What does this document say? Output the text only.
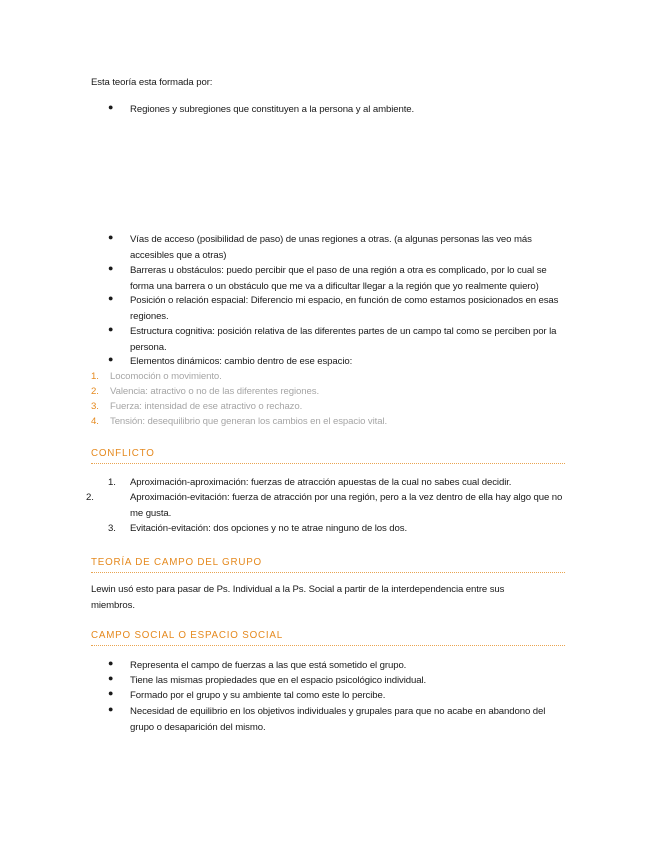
Esta teoría esta formada por:
●	Regiones y subregiones que constituyen a la persona y al ambiente.
●	Vías de acceso (posibilidad de paso) de unas regiones a otras. (a algunas personas las veo más accesibles que a otras)
●	Barreras u obstáculos: puedo percibir que el paso de una región a otra es complicado, por lo cual se forma una barrera o un obstáculo que me va a dificultar llegar a la región que yo realmente quiero)
●	Posición o relación espacial: Diferencio mi espacio, en función de como estamos posicionados en esas regiones.
●	Estructura cognitiva: posición relativa de las diferentes partes de un campo tal como se perciben por la persona.
●	Elementos dinámicos: cambio dentro de ese espacio:
1. Locomoción o movimiento.
2. Valencia: atractivo o no de las diferentes regiones.
3. Fuerza: intensidad de ese atractivo o rechazo.
4. Tensión: desequilibrio que generan los cambios en el espacio vital.
CONFLICTO
1. Aproximación-aproximación: fuerzas de atracción apuestas de la cual no sabes cual decidir.
2.	Aproximación-evitación: fuerza de atracción por una región, pero a la vez dentro de ella hay algo que no me gusta.
3. Evitación-evitación: dos opciones y no te atrae ninguno de los dos.
TEORÍA DE CAMPO DEL GRUPO
Lewin usó esto para pasar de Ps. Individual a la Ps. Social a partir de la interdependencia entre sus miembros.
CAMPO SOCIAL O ESPACIO SOCIAL
●	Representa el campo de fuerzas a las que está sometido el grupo.
●	Tiene las mismas propiedades que en el espacio psicológico individual.
●	Formado por el grupo y su ambiente tal como este lo percibe.
●	Necesidad de equilibrio en los objetivos individuales y grupales para que no acabe en abandono del grupo o desaparición del mismo.
